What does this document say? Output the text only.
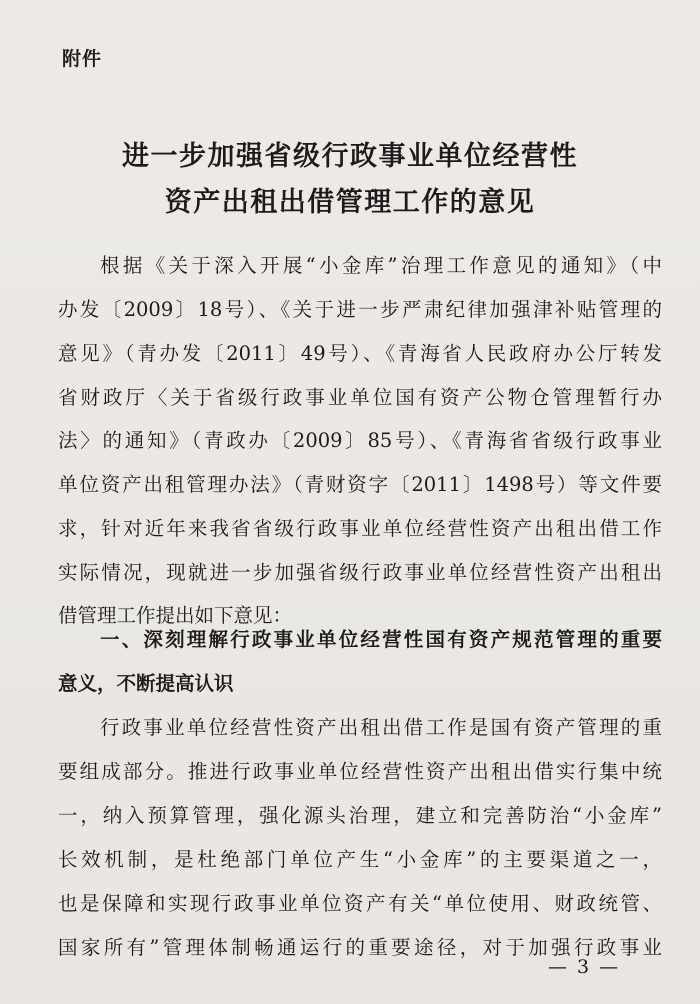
附件
进一步加强省级行政事业单位经营性
资产出租出借管理工作的意见
根据《关于深入开展“小金库”治理工作意见的通知》（中
办发〔2009〕18号）、《关于进一步严肃纪律加强津补贴管理的
意见》（青办发〔2011〕49号）、《青海省人民政府办公厅转发
省财政厅〈关于省级行政事业单位国有资产公物仓管理暂行办
法〉的通知》（青政办〔2009〕85号）、《青海省省级行政事业
单位资产出租管理办法》（青财资字〔2011〕1498号）等文件要
求，针对近年来我省省级行政事业单位经营性资产出租出借工作
实际情况，现就进一步加强省级行政事业单位经营性资产出租出
借管理工作提出如下意见：
一、深刻理解行政事业单位经营性国有资产规范管理的重要
意义，不断提高认识
行政事业单位经营性资产出租出借工作是国有资产管理的重
要组成部分。推进行政事业单位经营性资产出租出借实行集中统
一，纳入预算管理，强化源头治理，建立和完善防治“小金库”
长效机制，是杜绝部门单位产生“小金库”的主要渠道之一，
也是保障和实现行政事业单位资产有关“单位使用、财政统管、
国家所有”管理体制畅通运行的重要途径，对于加强行政事业
— 3 —
